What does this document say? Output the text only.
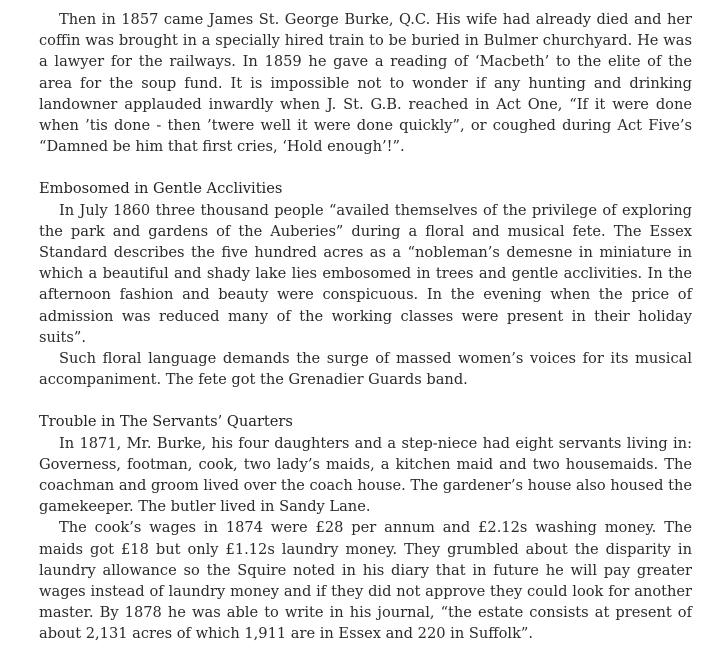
Then in 1857 came James St. George Burke, Q.C. His wife had already died and her coffin was brought in a specially hired train to be buried in Bulmer churchyard. He was a lawyer for the railways. In 1859 he gave a reading of ‘Macbeth’ to the elite of the area for the soup fund. It is impossible not to wonder if any hunting and drinking landowner applauded inwardly when J. St. G.B. reached in Act One, “If it were done when ’tis done - then ’twere well it were done quickly”, or coughed during Act Five’s “Damned be him that first cries, ‘Hold enough’!”.

Embosomed in Gentle Acclivities

In July 1860 three thousand people “availed themselves of the privilege of exploring the park and gardens of the Auberies” during a floral and musical fete. The Essex Standard describes the five hundred acres as a “nobleman’s demesne in miniature in which a beautiful and shady lake lies embosomed in trees and gentle acclivities. In the afternoon fashion and beauty were conspicuous. In the evening when the price of admission was reduced many of the working classes were present in their holiday suits”.

Such floral language demands the surge of massed women’s voices for its musical accompaniment. The fete got the Grenadier Guards band.

Trouble in The Servants’ Quarters

In 1871, Mr. Burke, his four daughters and a step-niece had eight servants living in: Governess, footman, cook, two lady’s maids, a kitchen maid and two housemaids. The coachman and groom lived over the coach house. The gardener’s house also housed the gamekeeper. The butler lived in Sandy Lane.

The cook’s wages in 1874 were £28 per annum and £2.12s washing money. The maids got £18 but only £1.12s laundry money. They grumbled about the disparity in laundry allowance so the Squire noted in his diary that in future he will pay greater wages instead of laundry money and if they did not approve they could look for another master. By 1878 he was able to write in his journal, “the estate consists at present of about 2,131 acres of which 1,911 are in Essex and 220 in Suffolk”.
